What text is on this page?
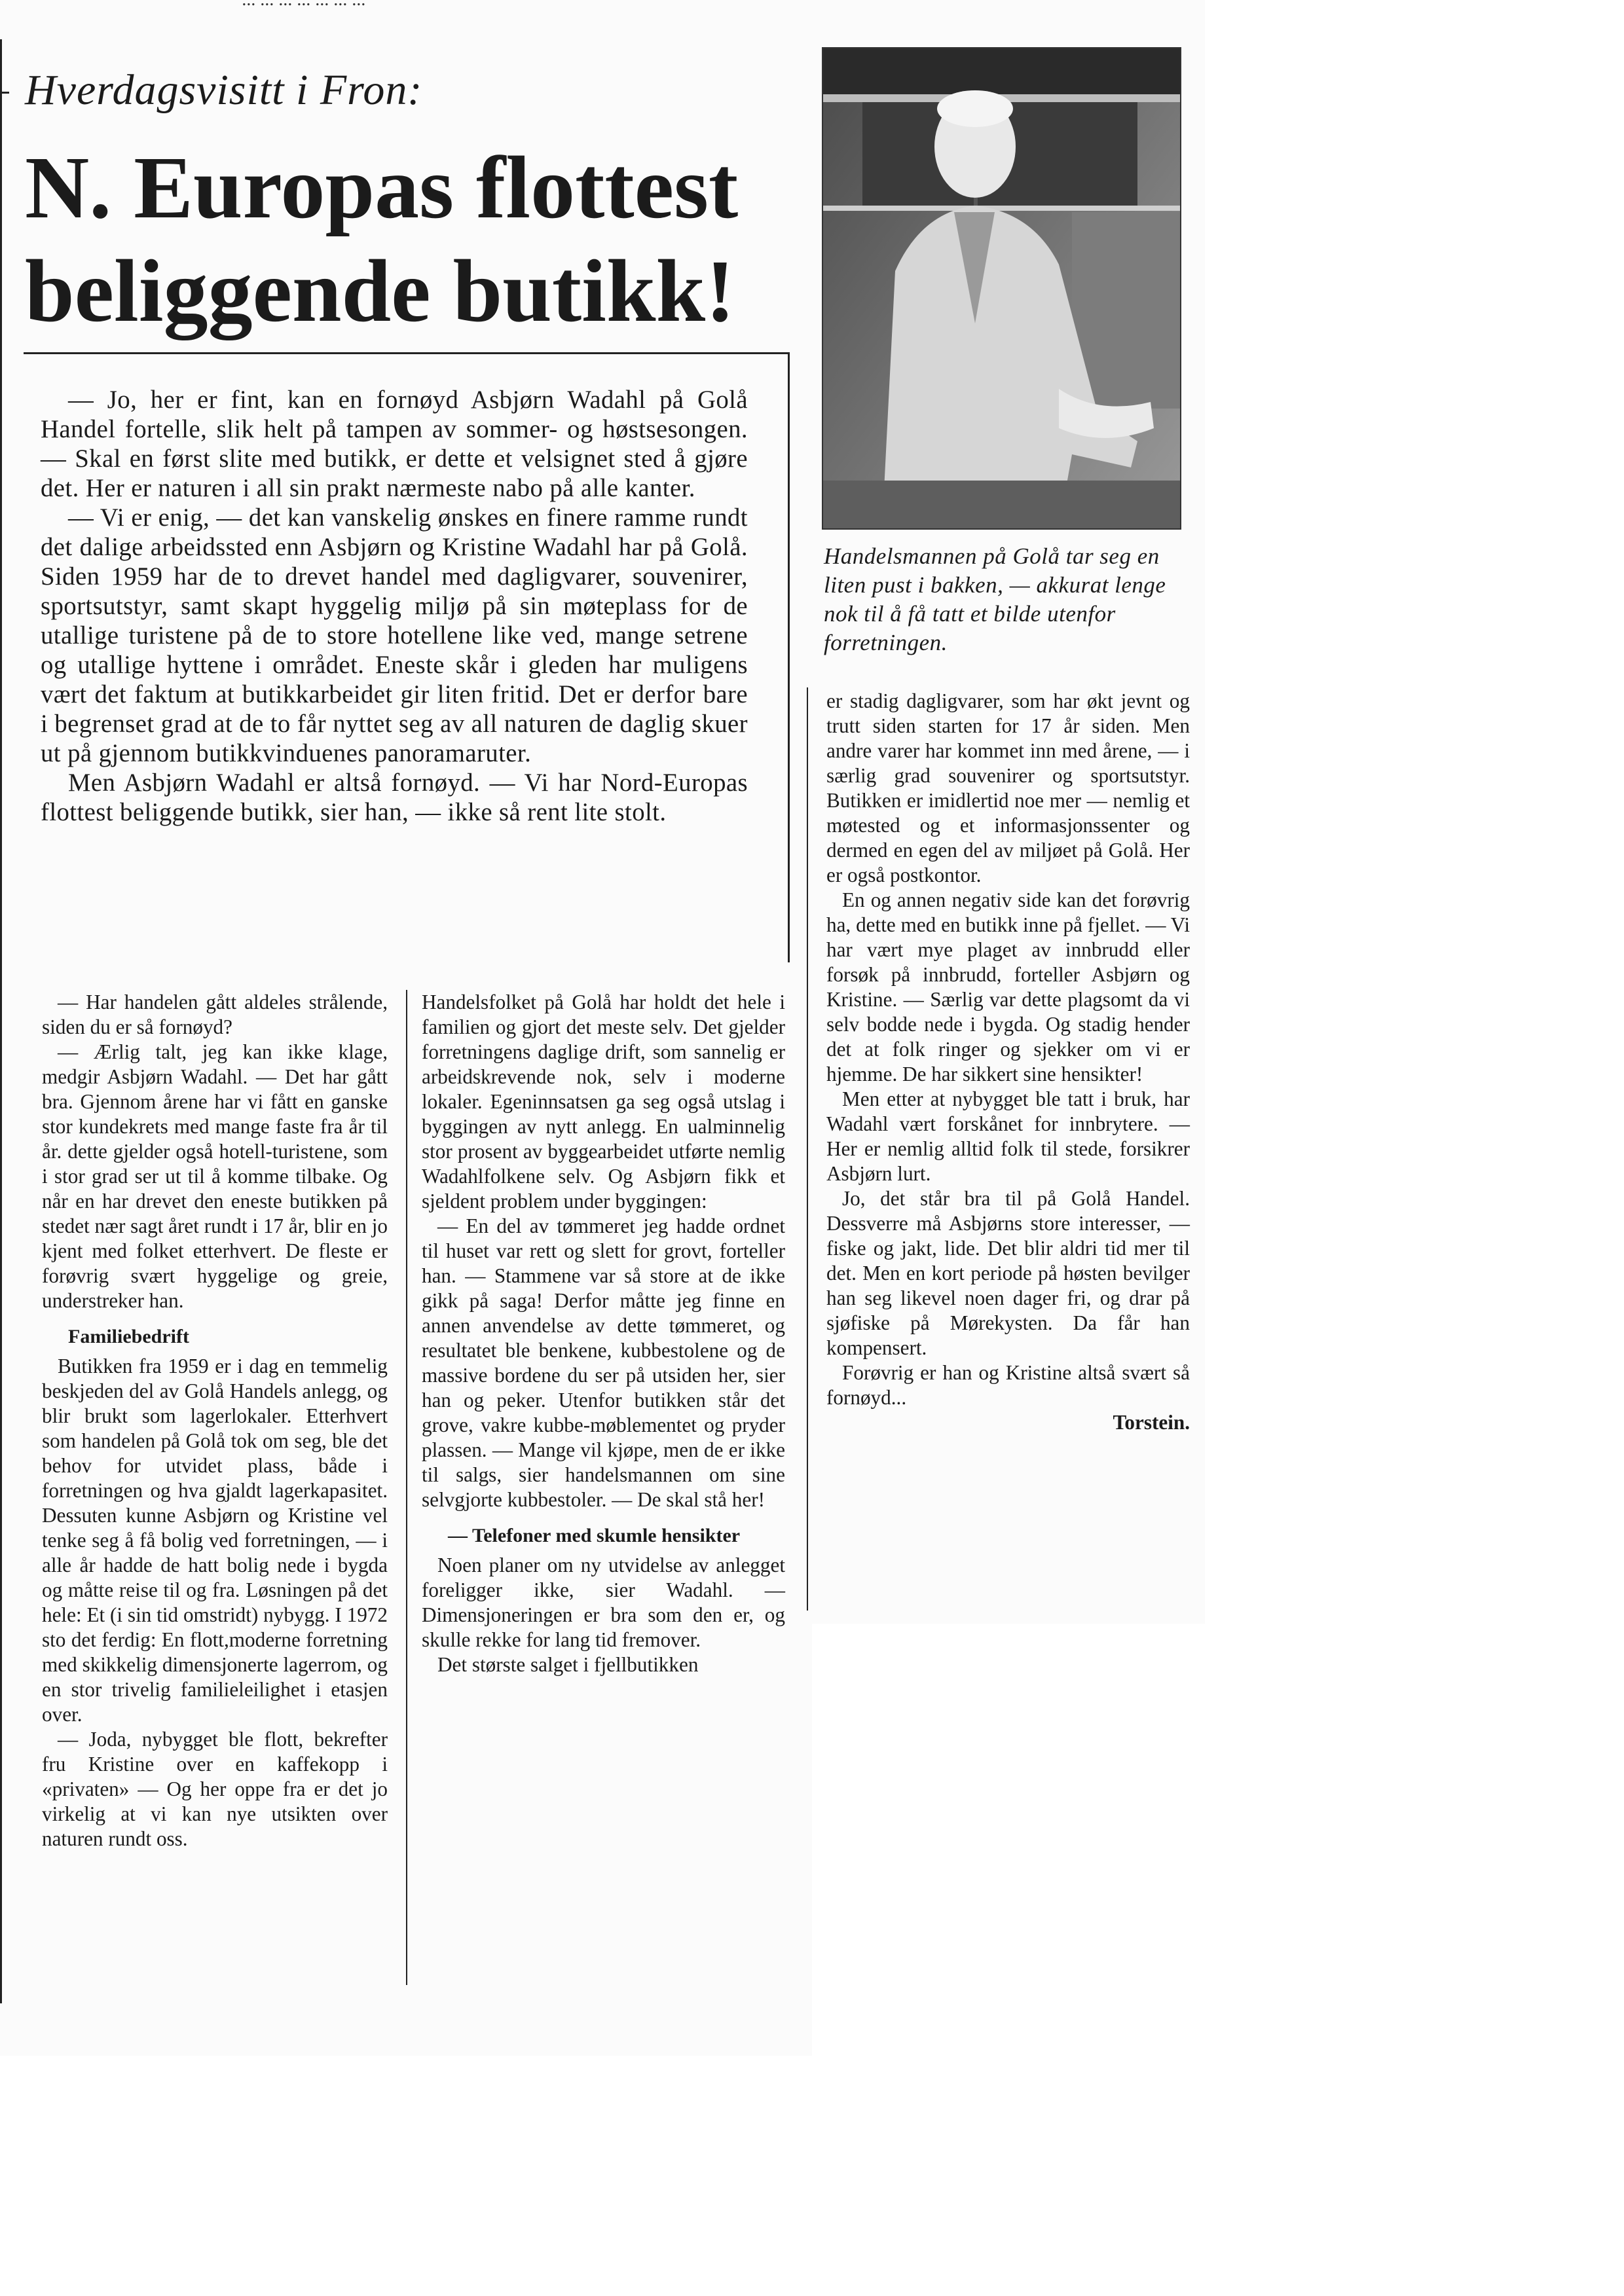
Hverdagsvisitt i Fron:
N. Europas flottest
beliggende butikk!

— Jo, her er fint, kan en fornøyd Asbjørn Wadahl på Golå Handel fortelle, slik helt på tampen av sommer- og høstsesongen. — Skal en først slite med butikk, er dette et velsignet sted å gjøre det. Her er naturen i all sin prakt nærmeste nabo på alle kanter.

— Vi er enig, — det kan vanskelig ønskes en finere ramme rundt det dalige arbeidssted enn Asbjørn og Kristine Wadahl har på Golå. Siden 1959 har de to drevet handel med dagligvarer, souvenirer, sportsutstyr, samt skapt hyggelig miljø på sin møteplass for de utallige turistene på de to store hotellene like ved, mange setrene og utallige hyttene i området. Eneste skår i gleden har muligens vært det faktum at butikkarbeidet gir liten fritid. Det er derfor bare i begrenset grad at de to får nyttet seg av all naturen de daglig skuer ut på gjennom butikkvinduenes panoramaruter.

Men Asbjørn Wadahl er altså fornøyd. — Vi har Nord-Europas flottest beliggende butikk, sier han, — ikke så rent lite stolt.

Handelsmannen på Golå tar seg en liten pust i bakken, — akkurat lenge nok til å få tatt et bilde utenfor forretningen.

er stadig dagligvarer, som har økt jevnt og trutt siden starten for 17 år siden. Men andre varer har kommet inn med årene, — i særlig grad souvenirer og sportsutstyr. Butikken er imidlertid noe mer — nemlig et møtested og et informasjonssenter og dermed en egen del av miljøet på Golå. Her er også postkontor.

En og annen negativ side kan det forøvrig ha, dette med en butikk inne på fjellet. — Vi har vært mye plaget av innbrudd eller forsøk på innbrudd, forteller Asbjørn og Kristine. — Særlig var dette plagsomt da vi selv bodde nede i bygda. Og stadig hender det at folk ringer og sjekker om vi er hjemme. De har sikkert sine hensikter!

Men etter at nybygget ble tatt i bruk, har Wadahl vært forskånet for innbrytere. — Her er nemlig alltid folk til stede, forsikrer Asbjørn lurt.

Jo, det står bra til på Golå Handel. Dessverre må Asbjørns store interesser, — fiske og jakt, lide. Det blir aldri tid mer til det. Men en kort periode på høsten bevilger han seg likevel noen dager fri, og drar på sjøfiske på Mørekysten. Da får han kompensert.

Forøvrig er han og Kristine altså svært så fornøyd...

Torstein.

— Har handelen gått aldeles strålende, siden du er så fornøyd?

— Ærlig talt, jeg kan ikke klage, medgir Asbjørn Wadahl. — Det har gått bra. Gjennom årene har vi fått en ganske stor kundekrets med mange faste fra år til år. dette gjelder også hotell-turistene, som i stor grad ser ut til å komme tilbake. Og når en har drevet den eneste butikken på stedet nær sagt året rundt i 17 år, blir en jo kjent med folket etterhvert. De fleste er forøvrig svært hyggelige og greie, understreker han.

Familiebedrift

Butikken fra 1959 er i dag en temmelig beskjeden del av Golå Handels anlegg, og blir brukt som lagerlokaler. Etterhvert som handelen på Golå tok om seg, ble det behov for utvidet plass, både i forretningen og hva gjaldt lagerkapasitet. Dessuten kunne Asbjørn og Kristine vel tenke seg å få bolig ved forretningen, — i alle år hadde de hatt bolig nede i bygda og måtte reise til og fra. Løsningen på det hele: Et (i sin tid omstridt) nybygg. I 1972 sto det ferdig: En flott,moderne forretning med skikkelig dimensjonerte lagerrom, og en stor trivelig familieleilighet i etasjen over.

— Joda, nybygget ble flott, bekrefter fru Kristine over en kaffekopp i «privaten» — Og her oppe fra er det jo virkelig at vi kan nye utsikten over naturen rundt oss.

Handelsfolket på Golå har holdt det hele i familien og gjort det meste selv. Det gjelder forretningens daglige drift, som sannelig er arbeidskrevende nok, selv i moderne lokaler. Egeninnsatsen ga seg også utslag i byggingen av nytt anlegg. En ualminnelig stor prosent av byggearbeidet utførte nemlig Wadahlfolkene selv. Og Asbjørn fikk et sjeldent problem under byggingen:

— En del av tømmeret jeg hadde ordnet til huset var rett og slett for grovt, forteller han. — Stammene var så store at de ikke gikk på saga! Derfor måtte jeg finne en annen anvendelse av dette tømmeret, og resultatet ble benkene, kubbestolene og de massive bordene du ser på utsiden her, sier han og peker. Utenfor butikken står det grove, vakre kubbe-møblementet og pryder plassen. — Mange vil kjøpe, men de er ikke til salgs, sier handelsmannen om sine selvgjorte kubbestoler. — De skal stå her!

— Telefoner med skumle hensikter

Noen planer om ny utvidelse av anlegget foreligger ikke, sier Wadahl. — Dimensjoneringen er bra som den er, og skulle rekke for lang tid fremover.

Det største salget i fjellbutikken
